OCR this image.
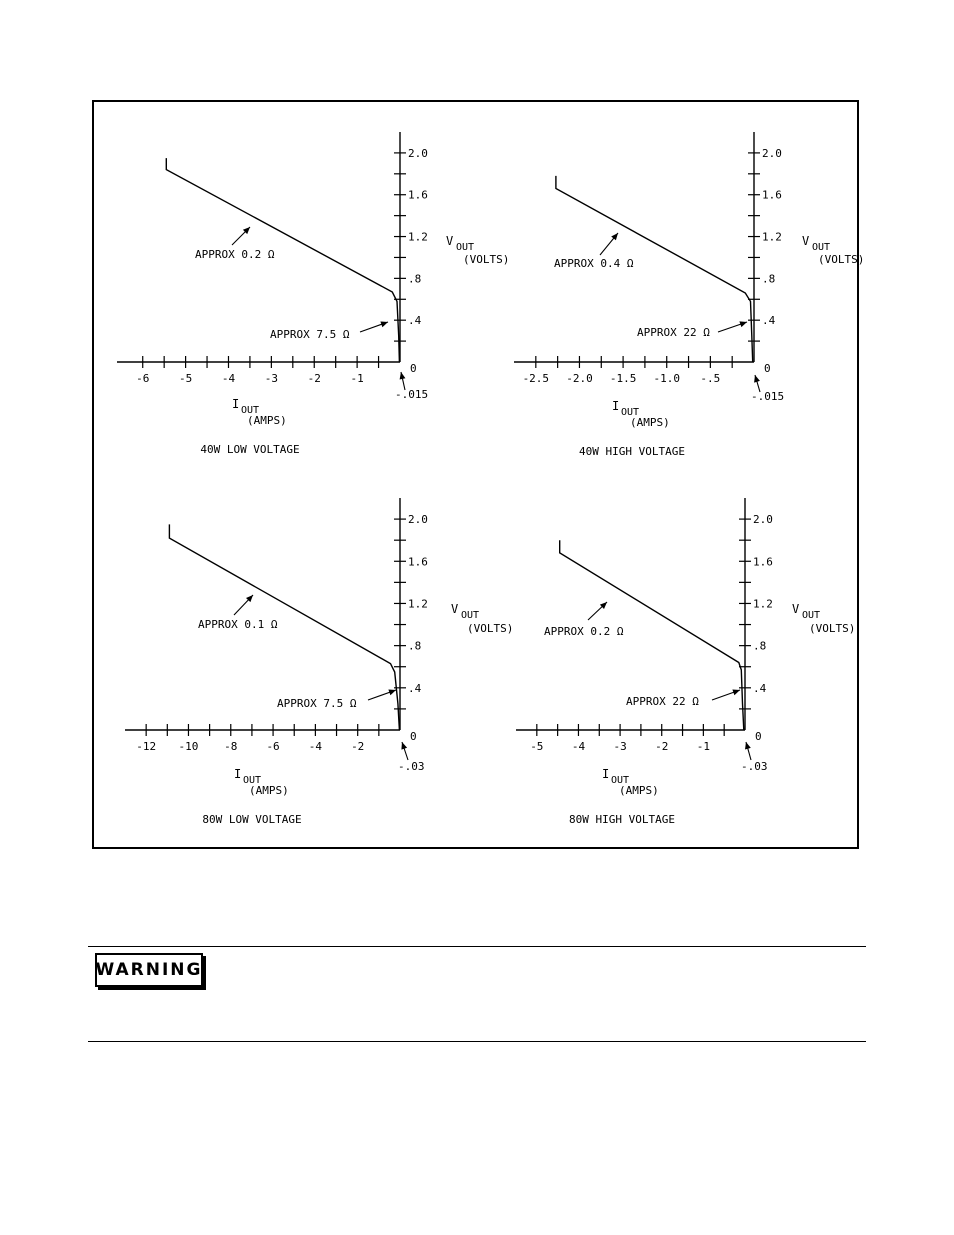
-6	-5	-4	-3	-2	-1
0
.4
.8
1.2
1.6
2.0
I OUT
(AMPS)
V OUT
(VOLTS)
40W LOW VOLTAGE
APPROX 0.2 Ω
APPROX 7.5 Ω
-.015
-2.5 -2.0 -1.5 -1.0 -.5
0
.4
.8
1.2
1.6
2.0
I OUT
(AMPS)
V OUT
(VOLTS)
40W HIGH VOLTAGE
APPROX 0.4 Ω
APPROX 22 Ω
-.015
-12 -10 -8	-6	-4	-2
0
.4
.8
1.2
1.6
2.0
I OUT
(AMPS)
V OUT
(VOLTS)
80W LOW VOLTAGE
APPROX 0.1 Ω
APPROX 7.5 Ω
-.03
-5	-4	-3	-2	-1
0
.4
.8
1.2
1.6
2.0
I OUT
(AMPS)
V OUT
(VOLTS)
80W HIGH VOLTAGE
APPROX 0.2 Ω
APPROX 22 Ω
-.03
WARNING
